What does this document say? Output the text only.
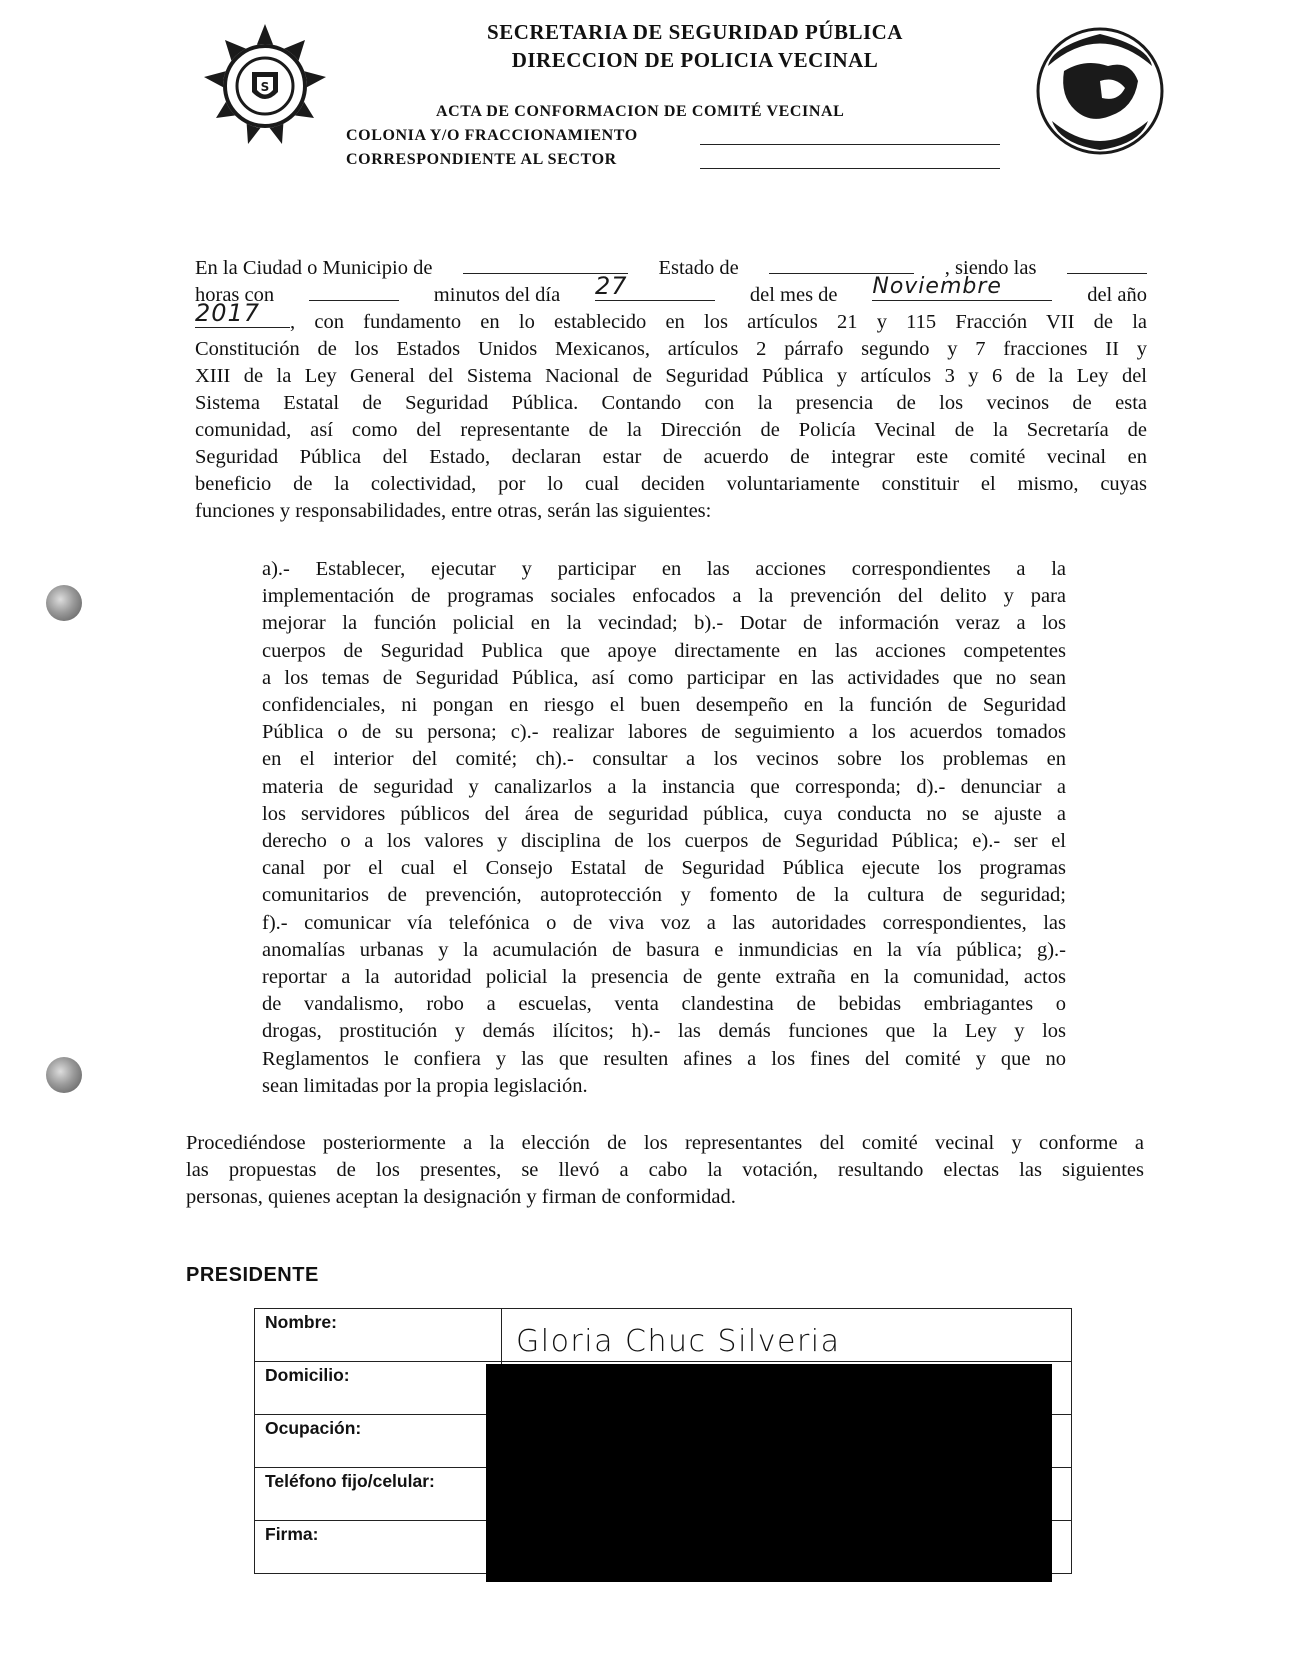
S
SECRETARIA DE SEGURIDAD PÚBLICA
DIRECCION DE POLICIA VECINAL
ACTA DE CONFORMACION DE COMITÉ VECINAL
COLONIA Y/O FRACCIONAMIENTO
CORRESPONDIENTE AL SECTOR
En la Ciudad o Municipio de	Estado de	, siendo las
horas con	minutos del día 27	del mes de Noviembre	del año
2017	, con fundamento en lo establecido en los artículos 21 y 115 Fracción VII de la
Constitución de los Estados Unidos Mexicanos, artículos 2 párrafo segundo y 7 fracciones II y
XIII de la Ley General del Sistema Nacional de Seguridad Pública y artículos 3 y 6 de la Ley del
Sistema Estatal de Seguridad Pública. Contando con la presencia de los vecinos de esta
comunidad, así como del representante de la Dirección de Policía Vecinal de la Secretaría de
Seguridad Pública del Estado, declaran estar de acuerdo de integrar este comité vecinal en
beneficio de la colectividad, por lo cual deciden voluntariamente constituir el mismo, cuyas
funciones y responsabilidades, entre otras, serán las siguientes:
a).- Establecer, ejecutar y participar en las acciones correspondientes a la
implementación de programas sociales enfocados a la prevención del delito y para
mejorar la función policial en la vecindad; b).- Dotar de información veraz a los
cuerpos de Seguridad Publica que apoye directamente en las acciones competentes
a los temas de Seguridad Pública, así como participar en las actividades que no sean
confidenciales, ni pongan en riesgo el buen desempeño en la función de Seguridad
Pública o de su persona; c).- realizar labores de seguimiento a los acuerdos tomados
en el interior del comité; ch).- consultar a los vecinos sobre los problemas en
materia de seguridad y canalizarlos a la instancia que corresponda; d).- denunciar a
los servidores públicos del área de seguridad pública, cuya conducta no se ajuste a
derecho o a los valores y disciplina de los cuerpos de Seguridad Pública; e).- ser el
canal por el cual el Consejo Estatal de Seguridad Pública ejecute los programas
comunitarios de prevención, autoprotección y fomento de la cultura de seguridad;
f).- comunicar vía telefónica o de viva voz a las autoridades correspondientes, las
anomalías urbanas y la acumulación de basura e inmundicias en la vía pública; g).-
reportar a la autoridad policial la presencia de gente extraña en la comunidad, actos
de vandalismo, robo a escuelas, venta clandestina de bebidas embriagantes o
drogas, prostitución y demás ilícitos; h).- las demás funciones que la Ley y los
Reglamentos le confiera y las que resulten afines a los fines del comité y que no
sean limitadas por la propia legislación.
Procediéndose posteriormente a la elección de los representantes del comité vecinal y conforme a
las propuestas de los presentes, se llevó a cabo la votación, resultando electas las siguientes
personas, quienes aceptan la designación y firman de conformidad.
PRESIDENTE
Nombre:	Gloria Chuc Silveria

Domicilio:	
Ocupación:	
Teléfono fijo/celular:	
Firma:	
